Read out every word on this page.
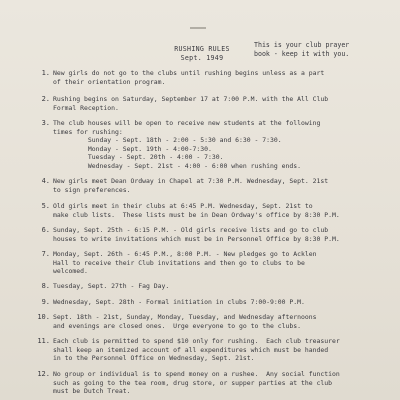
RUSHING RULES
Sept. 1949
This is your club prayer
book - keep it with you.
1. New girls do not go to the clubs until rushing begins unless as a part
of their orientation program.
2. Rushing begins on Saturday, September 17 at 7:00 P.M. with the All Club
Formal Reception.
3. The club houses will be open to receive new students at the following
times for rushing:
Sunday - Sept. 18th - 2:00 - 5:30 and 6:30 - 7:30.
Monday - Sept. 19th - 4:00-7:30.
Tuesday - Sept. 20th - 4:00 - 7:30.
Wednesday - Sept. 21st - 4:00 - 6:00 when rushing ends.
4. New girls meet Dean Ordway in Chapel at 7:30 P.M. Wednesday, Sept. 21st
to sign preferences.
5. Old girls meet in their clubs at 6:45 P.M. Wednesday, Sept. 21st to
make club lists.  These lists must be in Dean Ordway's office by 8:30 P.M.
6. Sunday, Sept. 25th - 6:15 P.M. - Old girls receive lists and go to club
houses to write invitations which must be in Personnel Office by 8:30 P.M.
7. Monday, Sept. 26th - 6:45 P.M., 8:00 P.M. - New pledges go to Acklen
Hall to receive their Club invitations and then go to clubs to be
welcomed.
8. Tuesday, Sept. 27th - Fag Day.
9. Wednesday, Sept. 28th - Formal initiation in clubs 7:00-9:00 P.M.
10. Sept. 18th - 21st, Sunday, Monday, Tuesday, and Wednesday afternoons
and evenings are closed ones.  Urge everyone to go to the clubs.
11. Each club is permitted to spend $10 only for rushing.  Each club treasurer
shall keep an itemized account of all expenditures which must be handed
in to the Personnel Office on Wednesday, Sept. 21st.
12. No group or individual is to spend money on a rushee.  Any social function
such as going to the tea room, drug store, or supper parties at the club
must be Dutch Treat.
